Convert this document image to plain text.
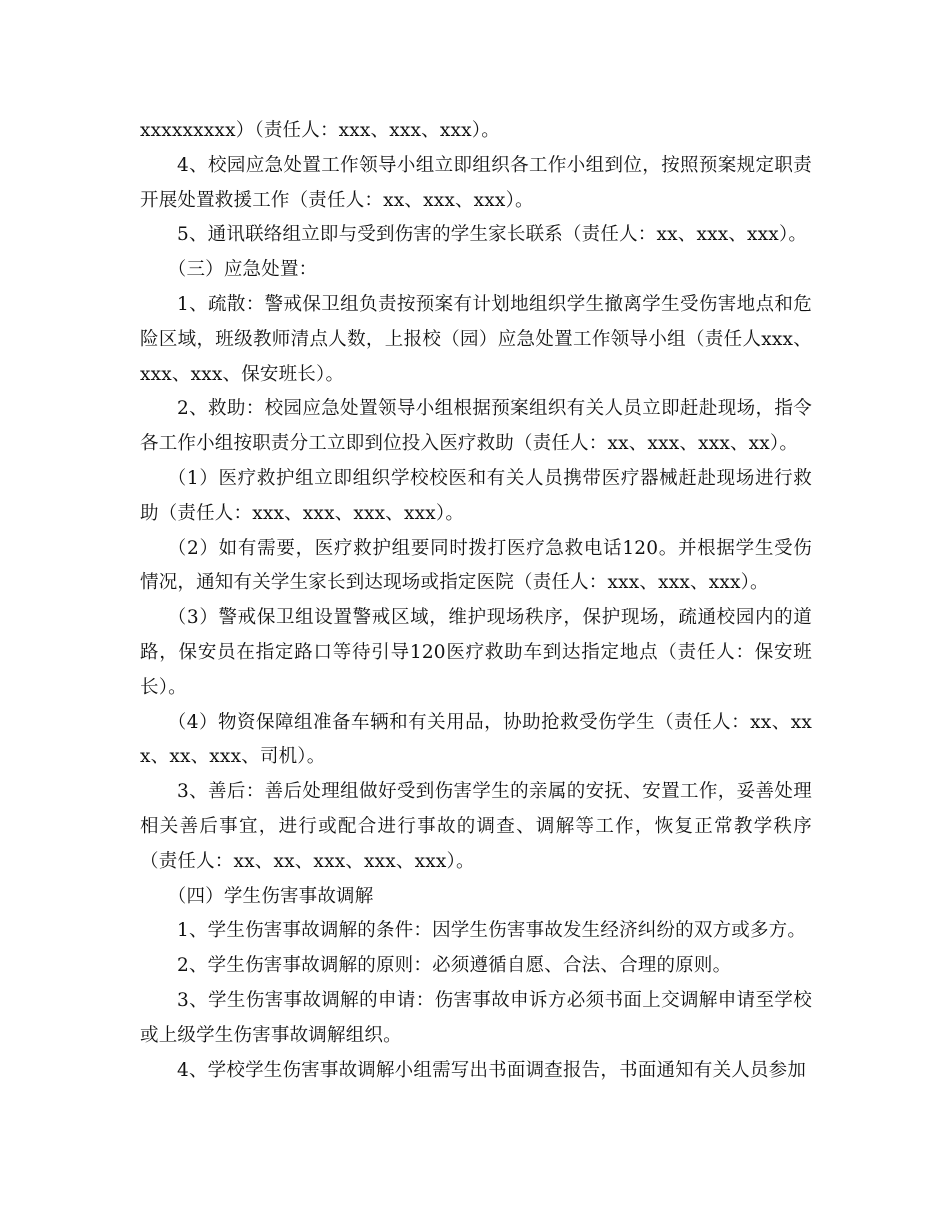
xxxxxxxxx）（责任人：xxx、xxx、xxx）。

4、校园应急处置工作领导小组立即组织各工作小组到位，按照预案规定职责开展处置救援工作（责任人：xx、xxx、xxx）。

5、通讯联络组立即与受到伤害的学生家长联系（责任人：xx、xxx、xxx）。

（三）应急处置：

1、疏散：警戒保卫组负责按预案有计划地组织学生撤离学生受伤害地点和危险区域，班级教师清点人数，上报校（园）应急处置工作领导小组（责任人xxx、xxx、xxx、保安班长）。

2、救助：校园应急处置领导小组根据预案组织有关人员立即赶赴现场，指令各工作小组按职责分工立即到位投入医疗救助（责任人：xx、xxx、xxx、xx）。

（1）医疗救护组立即组织学校校医和有关人员携带医疗器械赶赴现场进行救助（责任人：xxx、xxx、xxx、xxx）。

（2）如有需要，医疗救护组要同时拨打医疗急救电话120。并根据学生受伤情况，通知有关学生家长到达现场或指定医院（责任人：xxx、xxx、xxx）。

（3）警戒保卫组设置警戒区域，维护现场秩序，保护现场，疏通校园内的道路，保安员在指定路口等待引导120医疗救助车到达指定地点（责任人：保安班长）。

（4）物资保障组准备车辆和有关用品，协助抢救受伤学生（责任人：xx、xxx、xx、xxx、司机）。

3、善后：善后处理组做好受到伤害学生的亲属的安抚、安置工作，妥善处理相关善后事宜，进行或配合进行事故的调查、调解等工作，恢复正常教学秩序（责任人：xx、xx、xxx、xxx、xxx）。

（四）学生伤害事故调解

1、学生伤害事故调解的条件：因学生伤害事故发生经济纠纷的双方或多方。

2、学生伤害事故调解的原则：必须遵循自愿、合法、合理的原则。

3、学生伤害事故调解的申请：伤害事故申诉方必须书面上交调解申请至学校或上级学生伤害事故调解组织。

4、学校学生伤害事故调解小组需写出书面调查报告，书面通知有关人员参加
